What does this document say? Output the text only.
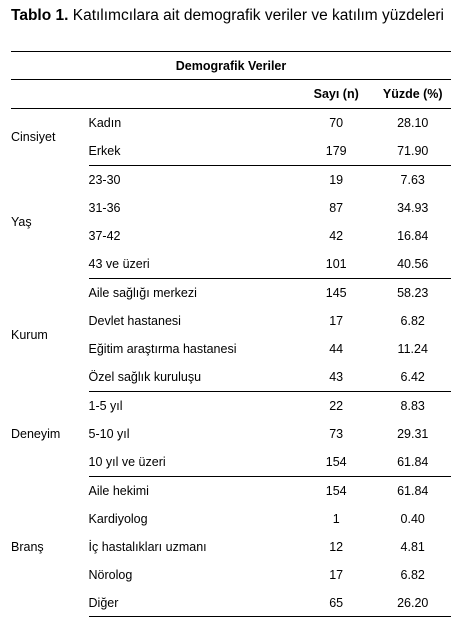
Tablo 1. Katılımcılara ait demografik veriler ve katılım yüzdeleri
Demografik Veriler			
		Sayı (n)	Yüzde (%)
Cinsiyet	Kadın	70	28.10
	Erkek	179	71.90
Yaş	23-30	19	7.63
	31-36	87	34.93
	37-42	42	16.84
	43 ve üzeri	101	40.56
Kurum	Aile sağlığı merkezi	145	58.23
	Devlet hastanesi	17	6.82
	Eğitim araştırma hastanesi	44	11.24
	Özel sağlık kuruluşu	43	6.42
Deneyim	1-5 yıl	22	8.83
	5-10 yıl	73	29.31
	10 yıl ve üzeri	154	61.84
Branş	Aile hekimi	154	61.84
	Kardiyolog	1	0.40
	İç hastalıkları uzmanı	12	4.81
	Nörolog	17	6.82
	Diğer	65	26.20
